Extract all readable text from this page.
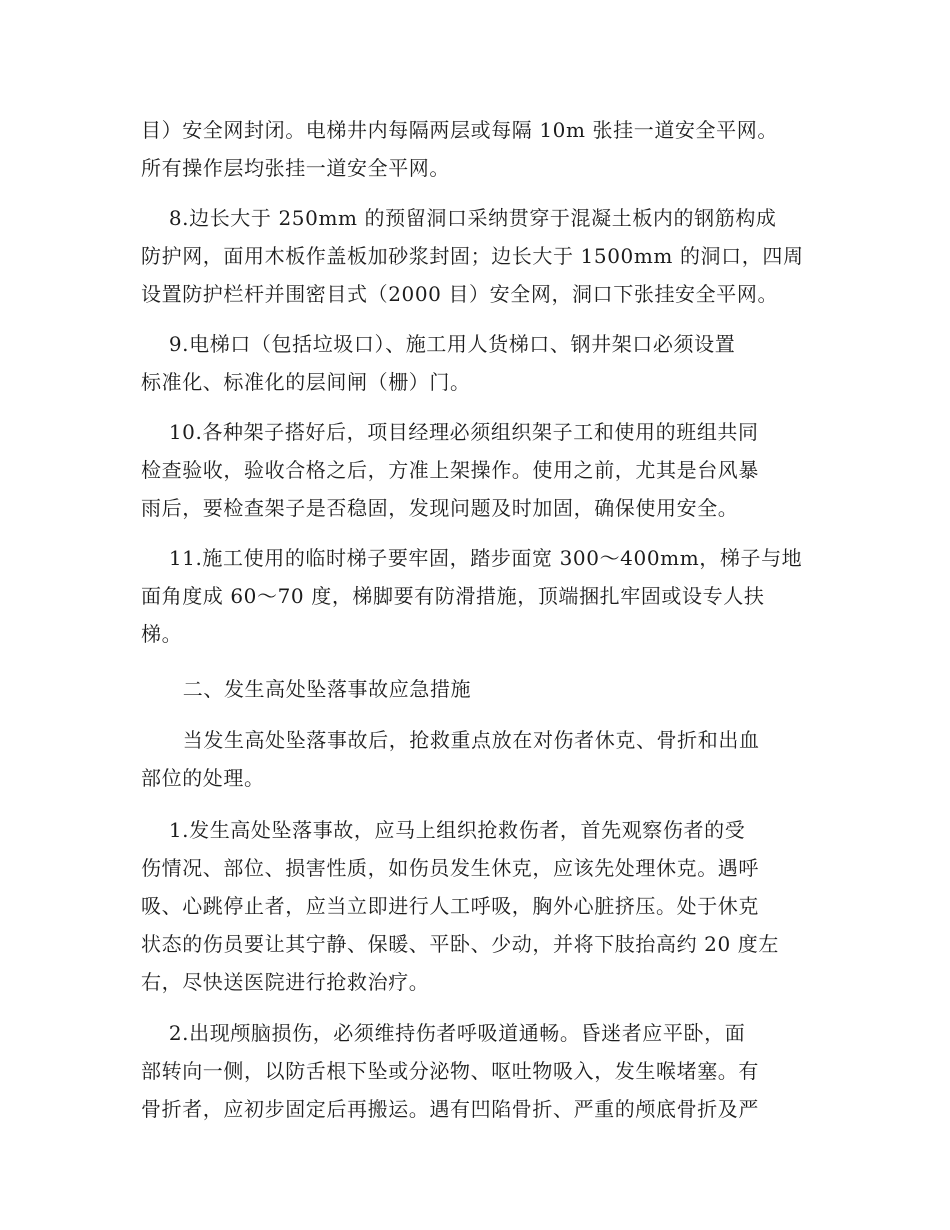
目）安全网封闭。电梯井内每隔两层或每隔 10m 张挂一道安全平网。

所有操作层均张挂一道安全平网。

8.边长大于 250mm 的预留洞口采纳贯穿于混凝土板内的钢筋构成

防护网，面用木板作盖板加砂浆封固；边长大于 1500mm 的洞口，四周

设置防护栏杆并围密目式（2000 目）安全网，洞口下张挂安全平网。

9.电梯口（包括垃圾口）、施工用人货梯口、钢井架口必须设置

标准化、标准化的层间闸（栅）门。

10.各种架子搭好后，项目经理必须组织架子工和使用的班组共同

检查验收，验收合格之后，方准上架操作。使用之前，尤其是台风暴

雨后，要检查架子是否稳固，发现问题及时加固，确保使用安全。

11.施工使用的临时梯子要牢固，踏步面宽 300～400mm，梯子与地

面角度成 60～70 度，梯脚要有防滑措施，顶端捆扎牢固或设专人扶

梯。

二、发生高处坠落事故应急措施

当发生高处坠落事故后，抢救重点放在对伤者休克、骨折和出血

部位的处理。

1.发生高处坠落事故，应马上组织抢救伤者，首先观察伤者的受

伤情况、部位、损害性质，如伤员发生休克，应该先处理休克。遇呼

吸、心跳停止者，应当立即进行人工呼吸，胸外心脏挤压。处于休克

状态的伤员要让其宁静、保暖、平卧、少动，并将下肢抬高约 20 度左

右，尽快送医院进行抢救治疗。

2.出现颅脑损伤，必须维持伤者呼吸道通畅。昏迷者应平卧，面

部转向一侧，以防舌根下坠或分泌物、呕吐物吸入，发生喉堵塞。有

骨折者，应初步固定后再搬运。遇有凹陷骨折、严重的颅底骨折及严
